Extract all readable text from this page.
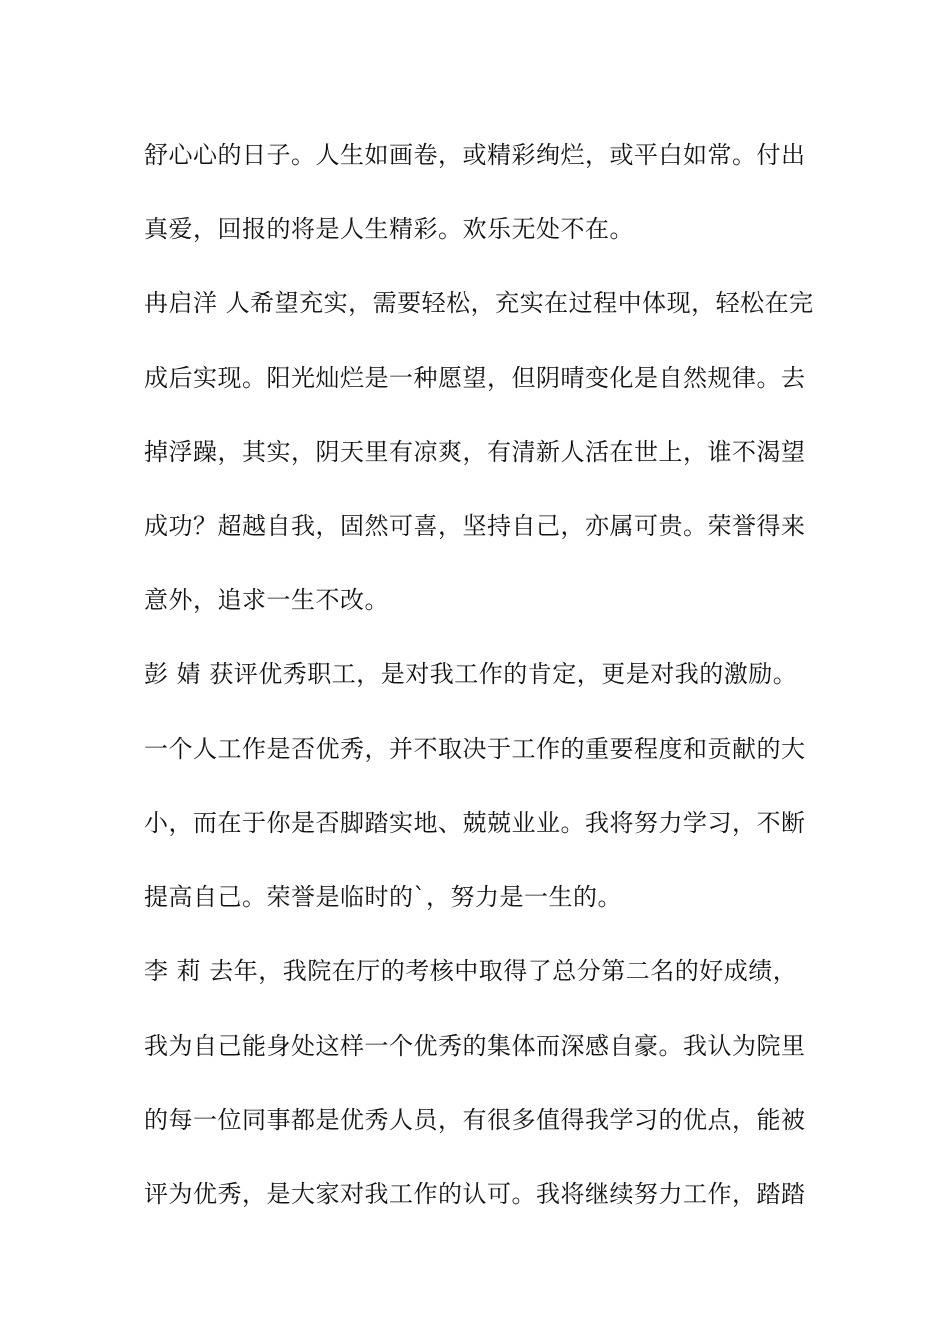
舒心心的日子。人生如画卷，或精彩绚烂，或平白如常。付出
真爱，回报的将是人生精彩。欢乐无处不在。
冉启洋 人希望充实，需要轻松，充实在过程中体现，轻松在完
成后实现。阳光灿烂是一种愿望，但阴晴变化是自然规律。去
掉浮躁，其实，阴天里有凉爽，有清新人活在世上，谁不渴望
成功？超越自我，固然可喜，坚持自己，亦属可贵。荣誉得来
意外，追求一生不改。
彭 婧 获评优秀职工，是对我工作的肯定，更是对我的激励。
一个人工作是否优秀，并不取决于工作的重要程度和贡献的大
小，而在于你是否脚踏实地、兢兢业业。我将努力学习，不断
提高自己。荣誉是临时的`，努力是一生的。
李 莉 去年，我院在厅的考核中取得了总分第二名的好成绩，
我为自己能身处这样一个优秀的集体而深感自豪。我认为院里
的每一位同事都是优秀人员，有很多值得我学习的优点，能被
评为优秀，是大家对我工作的认可。我将继续努力工作，踏踏
